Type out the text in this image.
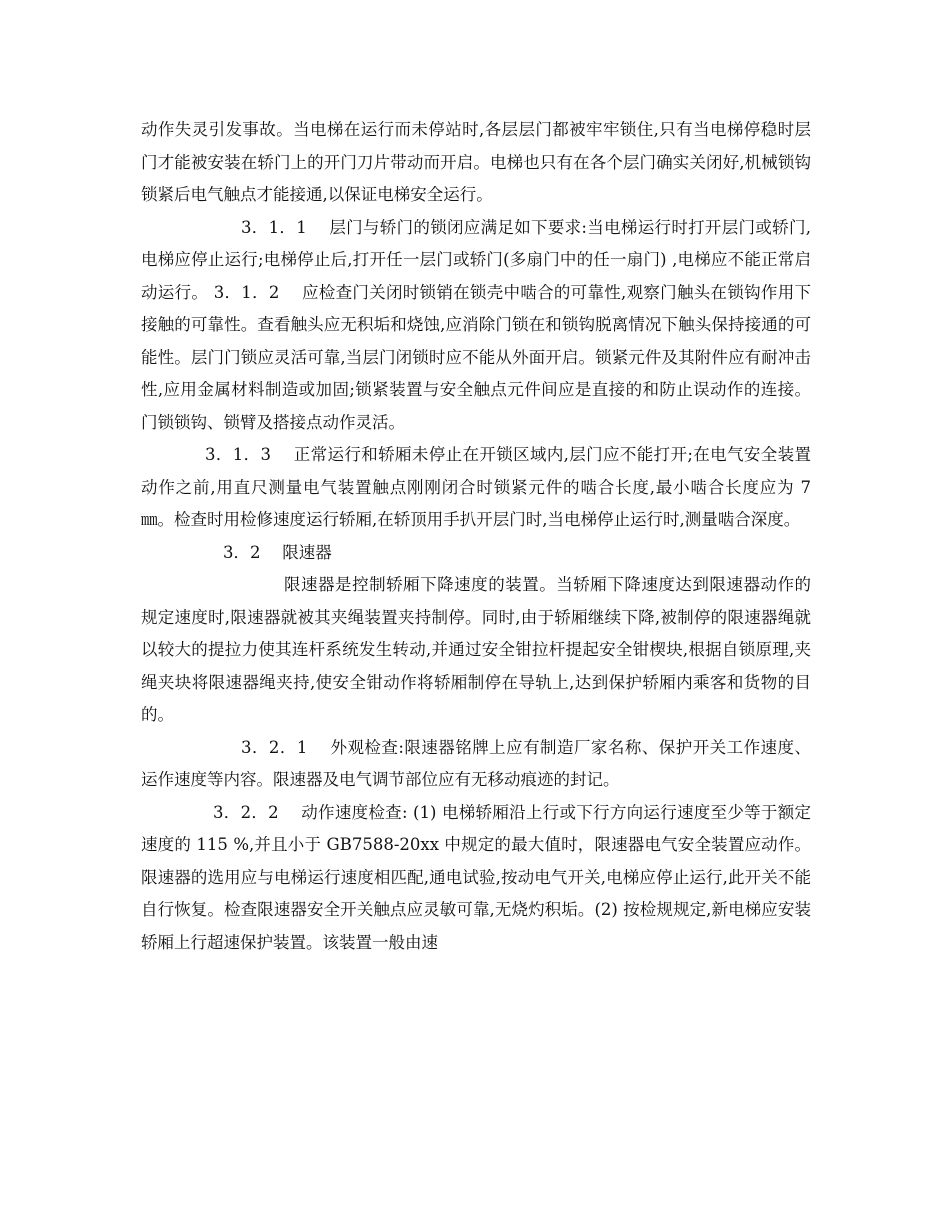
动作失灵引发事故。当电梯在运行而未停站时,各层层门都被牢牢锁住,只有当电梯停稳时层门才能被安装在轿门上的开门刀片带动而开启。电梯也只有在各个层门确实关闭好,机械锁钩锁紧后电气触点才能接通,以保证电梯安全运行。

3．1．1　 层门与轿门的锁闭应满足如下要求:当电梯运行时打开层门或轿门,电梯应停止运行;电梯停止后,打开任一层门或轿门(多扇门中的任一扇门) ,电梯应不能正常启动运行。 3．1．2　 应检查门关闭时锁销在锁壳中啮合的可靠性,观察门触头在锁钩作用下接触的可靠性。查看触头应无积垢和烧蚀,应消除门锁在和锁钩脱离情况下触头保持接通的可能性。层门门锁应灵活可靠,当层门闭锁时应不能从外面开启。锁紧元件及其附件应有耐冲击性,应用金属材料制造或加固;锁紧装置与安全触点元件间应是直接的和防止误动作的连接。门锁锁钩、锁臂及搭接点动作灵活。

3．1．3　 正常运行和轿厢未停止在开锁区域内,层门应不能打开;在电气安全装置动作之前,用直尺测量电气装置触点刚刚闭合时锁紧元件的啮合长度,最小啮合长度应为 7 ㎜。检查时用检修速度运行轿厢,在轿顶用手扒开层门时,当电梯停止运行时,测量啮合深度。

3．2　 限速器

限速器是控制轿厢下降速度的装置。当轿厢下降速度达到限速器动作的规定速度时,限速器就被其夹绳装置夹持制停。同时,由于轿厢继续下降,被制停的限速器绳就以较大的提拉力使其连杆系统发生转动,并通过安全钳拉杆提起安全钳楔块,根据自锁原理,夹绳夹块将限速器绳夹持,使安全钳动作将轿厢制停在导轨上,达到保护轿厢内乘客和货物的目的。

3．2．1　 外观检查:限速器铭牌上应有制造厂家名称、保护开关工作速度、运作速度等内容。限速器及电气调节部位应有无移动痕迹的封记。

3．2．2　 动作速度检查: (1) 电梯轿厢沿上行或下行方向运行速度至少等于额定速度的 115 %,并且小于 GB7588-20xx 中规定的最大值时，限速器电气安全装置应动作。限速器的选用应与电梯运行速度相匹配,通电试验,按动电气开关,电梯应停止运行,此开关不能自行恢复。检查限速器安全开关触点应灵敏可靠,无烧灼积垢。(2) 按检规规定,新电梯应安装轿厢上行超速保护装置。该装置一般由速
